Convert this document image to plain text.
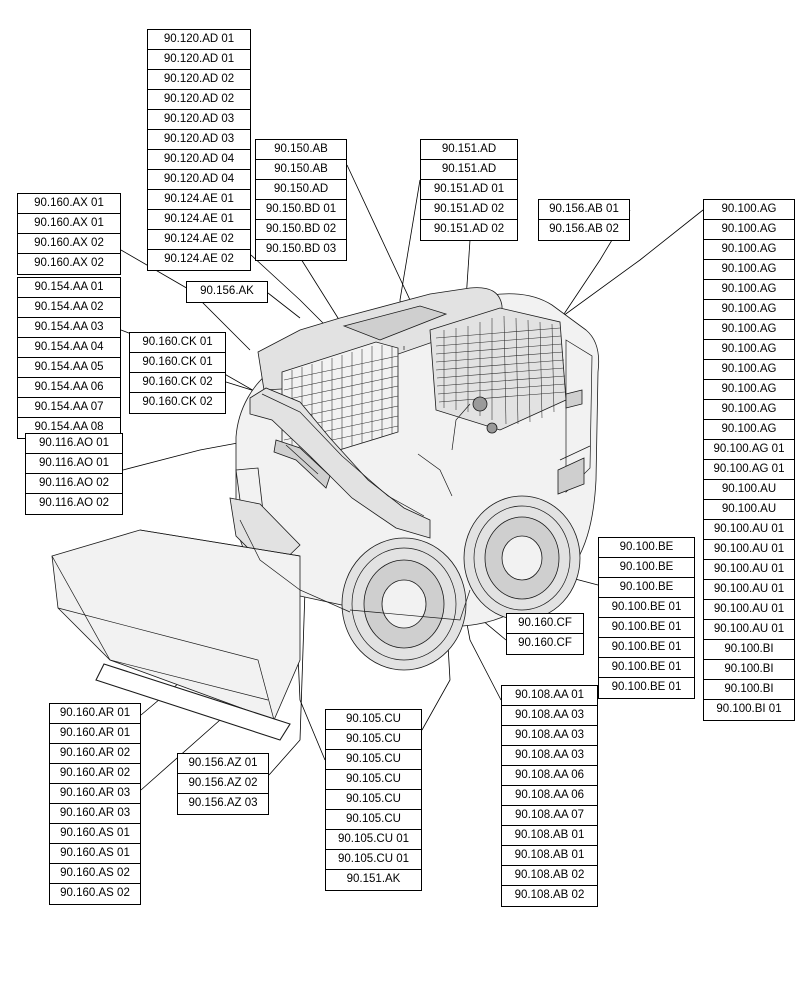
90.120.AD 01
90.120.AD 01
90.120.AD 02
90.120.AD 02
90.120.AD 03
90.120.AD 03
90.120.AD 04
90.120.AD 04
90.124.AE 01
90.124.AE 01
90.124.AE 02
90.124.AE 02
90.150.AB
90.150.AB
90.150.AD
90.150.BD 01
90.150.BD 02
90.150.BD 03
90.151.AD
90.151.AD
90.151.AD 01
90.151.AD 02
90.151.AD 02
90.156.AB 01
90.156.AB 02
90.100.AG
90.100.AG
90.100.AG
90.100.AG
90.100.AG
90.100.AG
90.100.AG
90.100.AG
90.100.AG
90.100.AG
90.100.AG
90.100.AG
90.100.AG 01
90.100.AG 01
90.100.AU
90.100.AU
90.100.AU 01
90.100.AU 01
90.100.AU 01
90.100.AU 01
90.100.AU 01
90.100.AU 01
90.100.BI
90.100.BI
90.100.BI
90.100.BI 01
90.160.AX 01
90.160.AX 01
90.160.AX 02
90.160.AX 02
90.154.AA 01
90.154.AA 02
90.154.AA 03
90.154.AA 04
90.154.AA 05
90.154.AA 06
90.154.AA 07
90.154.AA 08
90.116.AO 01
90.116.AO 01
90.116.AO 02
90.116.AO 02
90.156.AK
90.160.CK 01
90.160.CK 01
90.160.CK 02
90.160.CK 02
90.100.BE
90.100.BE
90.100.BE
90.100.BE 01
90.100.BE 01
90.100.BE 01
90.100.BE 01
90.100.BE 01
90.160.CF
90.160.CF
90.108.AA 01
90.108.AA 03
90.108.AA 03
90.108.AA 03
90.108.AA 06
90.108.AA 06
90.108.AA 07
90.108.AB 01
90.108.AB 01
90.108.AB 02
90.108.AB 02
90.105.CU
90.105.CU
90.105.CU
90.105.CU
90.105.CU
90.105.CU
90.105.CU 01
90.105.CU 01
90.151.AK
90.156.AZ 01
90.156.AZ 02
90.156.AZ 03
90.160.AR 01
90.160.AR 01
90.160.AR 02
90.160.AR 02
90.160.AR 03
90.160.AR 03
90.160.AS 01
90.160.AS 01
90.160.AS 02
90.160.AS 02
